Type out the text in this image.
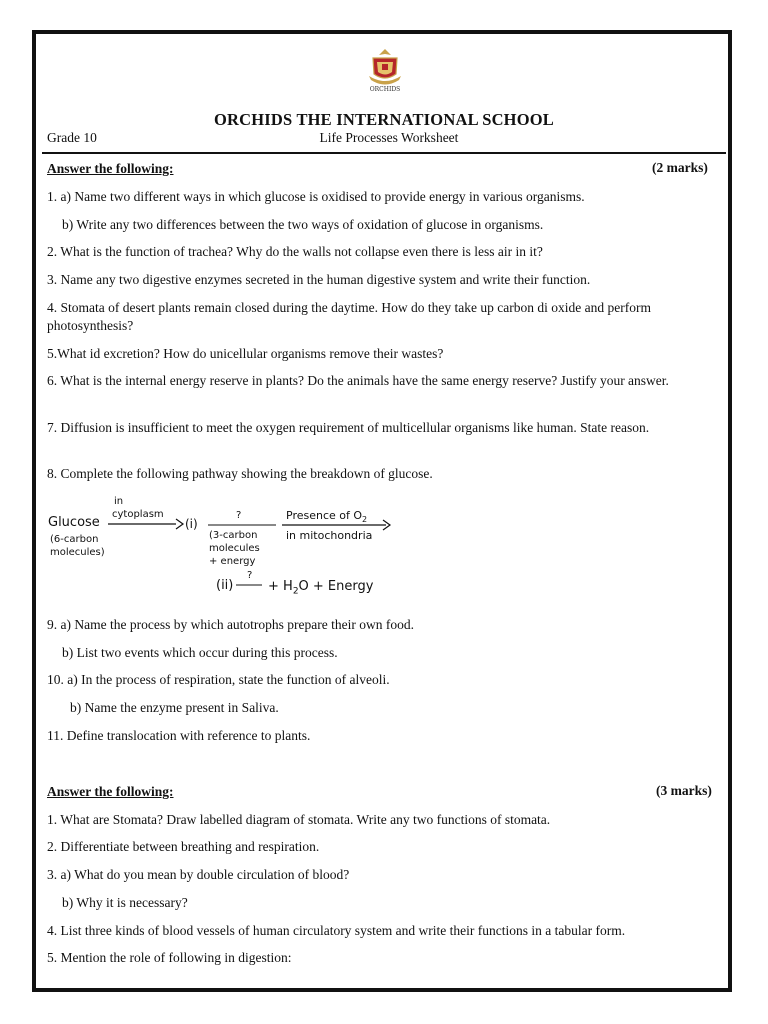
ORCHIDS
ORCHIDS THE INTERNATIONAL SCHOOL
Grade 10	Life Processes Worksheet
Answer the following:	(2 marks)
1. a) Name two different ways in which glucose is oxidised to provide energy in various organisms.
b) Write any two differences between the two ways of oxidation of glucose in organisms.
2. What is the function of trachea? Why do the walls not collapse even there is less air in it?
3. Name any two digestive enzymes secreted in the human digestive system and write their function.
4. Stomata of desert plants remain closed during the daytime. How do they take up carbon di oxide and perform photosynthesis?
5.What id excretion? How do unicellular organisms remove their wastes?
6. What is the internal energy reserve in plants? Do the animals have the same energy reserve? Justify your answer.
7. Diffusion is insufficient to meet the oxygen requirement of multicellular organisms like human. State reason.
8. Complete the following pathway showing the breakdown of glucose.
Glucose
(6-carbon
molecules)
in
cytoplasm
(i)
?
(3-carbon
molecules
+ energy
Presence of $O_2$
in mitochondria
(ii)
?
+ $H_2O$ + Energy
9. a) Name the process by which autotrophs prepare their own food.
b) List two events which occur during this process.
10. a) In the process of respiration, state the function of alveoli.
b) Name the enzyme present in Saliva.
11. Define translocation with reference to plants.
Answer the following:	(3 marks)
1. What are Stomata? Draw labelled diagram of stomata. Write any two functions of stomata.
2. Differentiate between breathing and respiration.
3. a) What do you mean by double circulation of blood?
b) Why it is necessary?
4. List three kinds of blood vessels of human circulatory system and write their functions in a tabular form.
5. Mention the role of following in digestion:
